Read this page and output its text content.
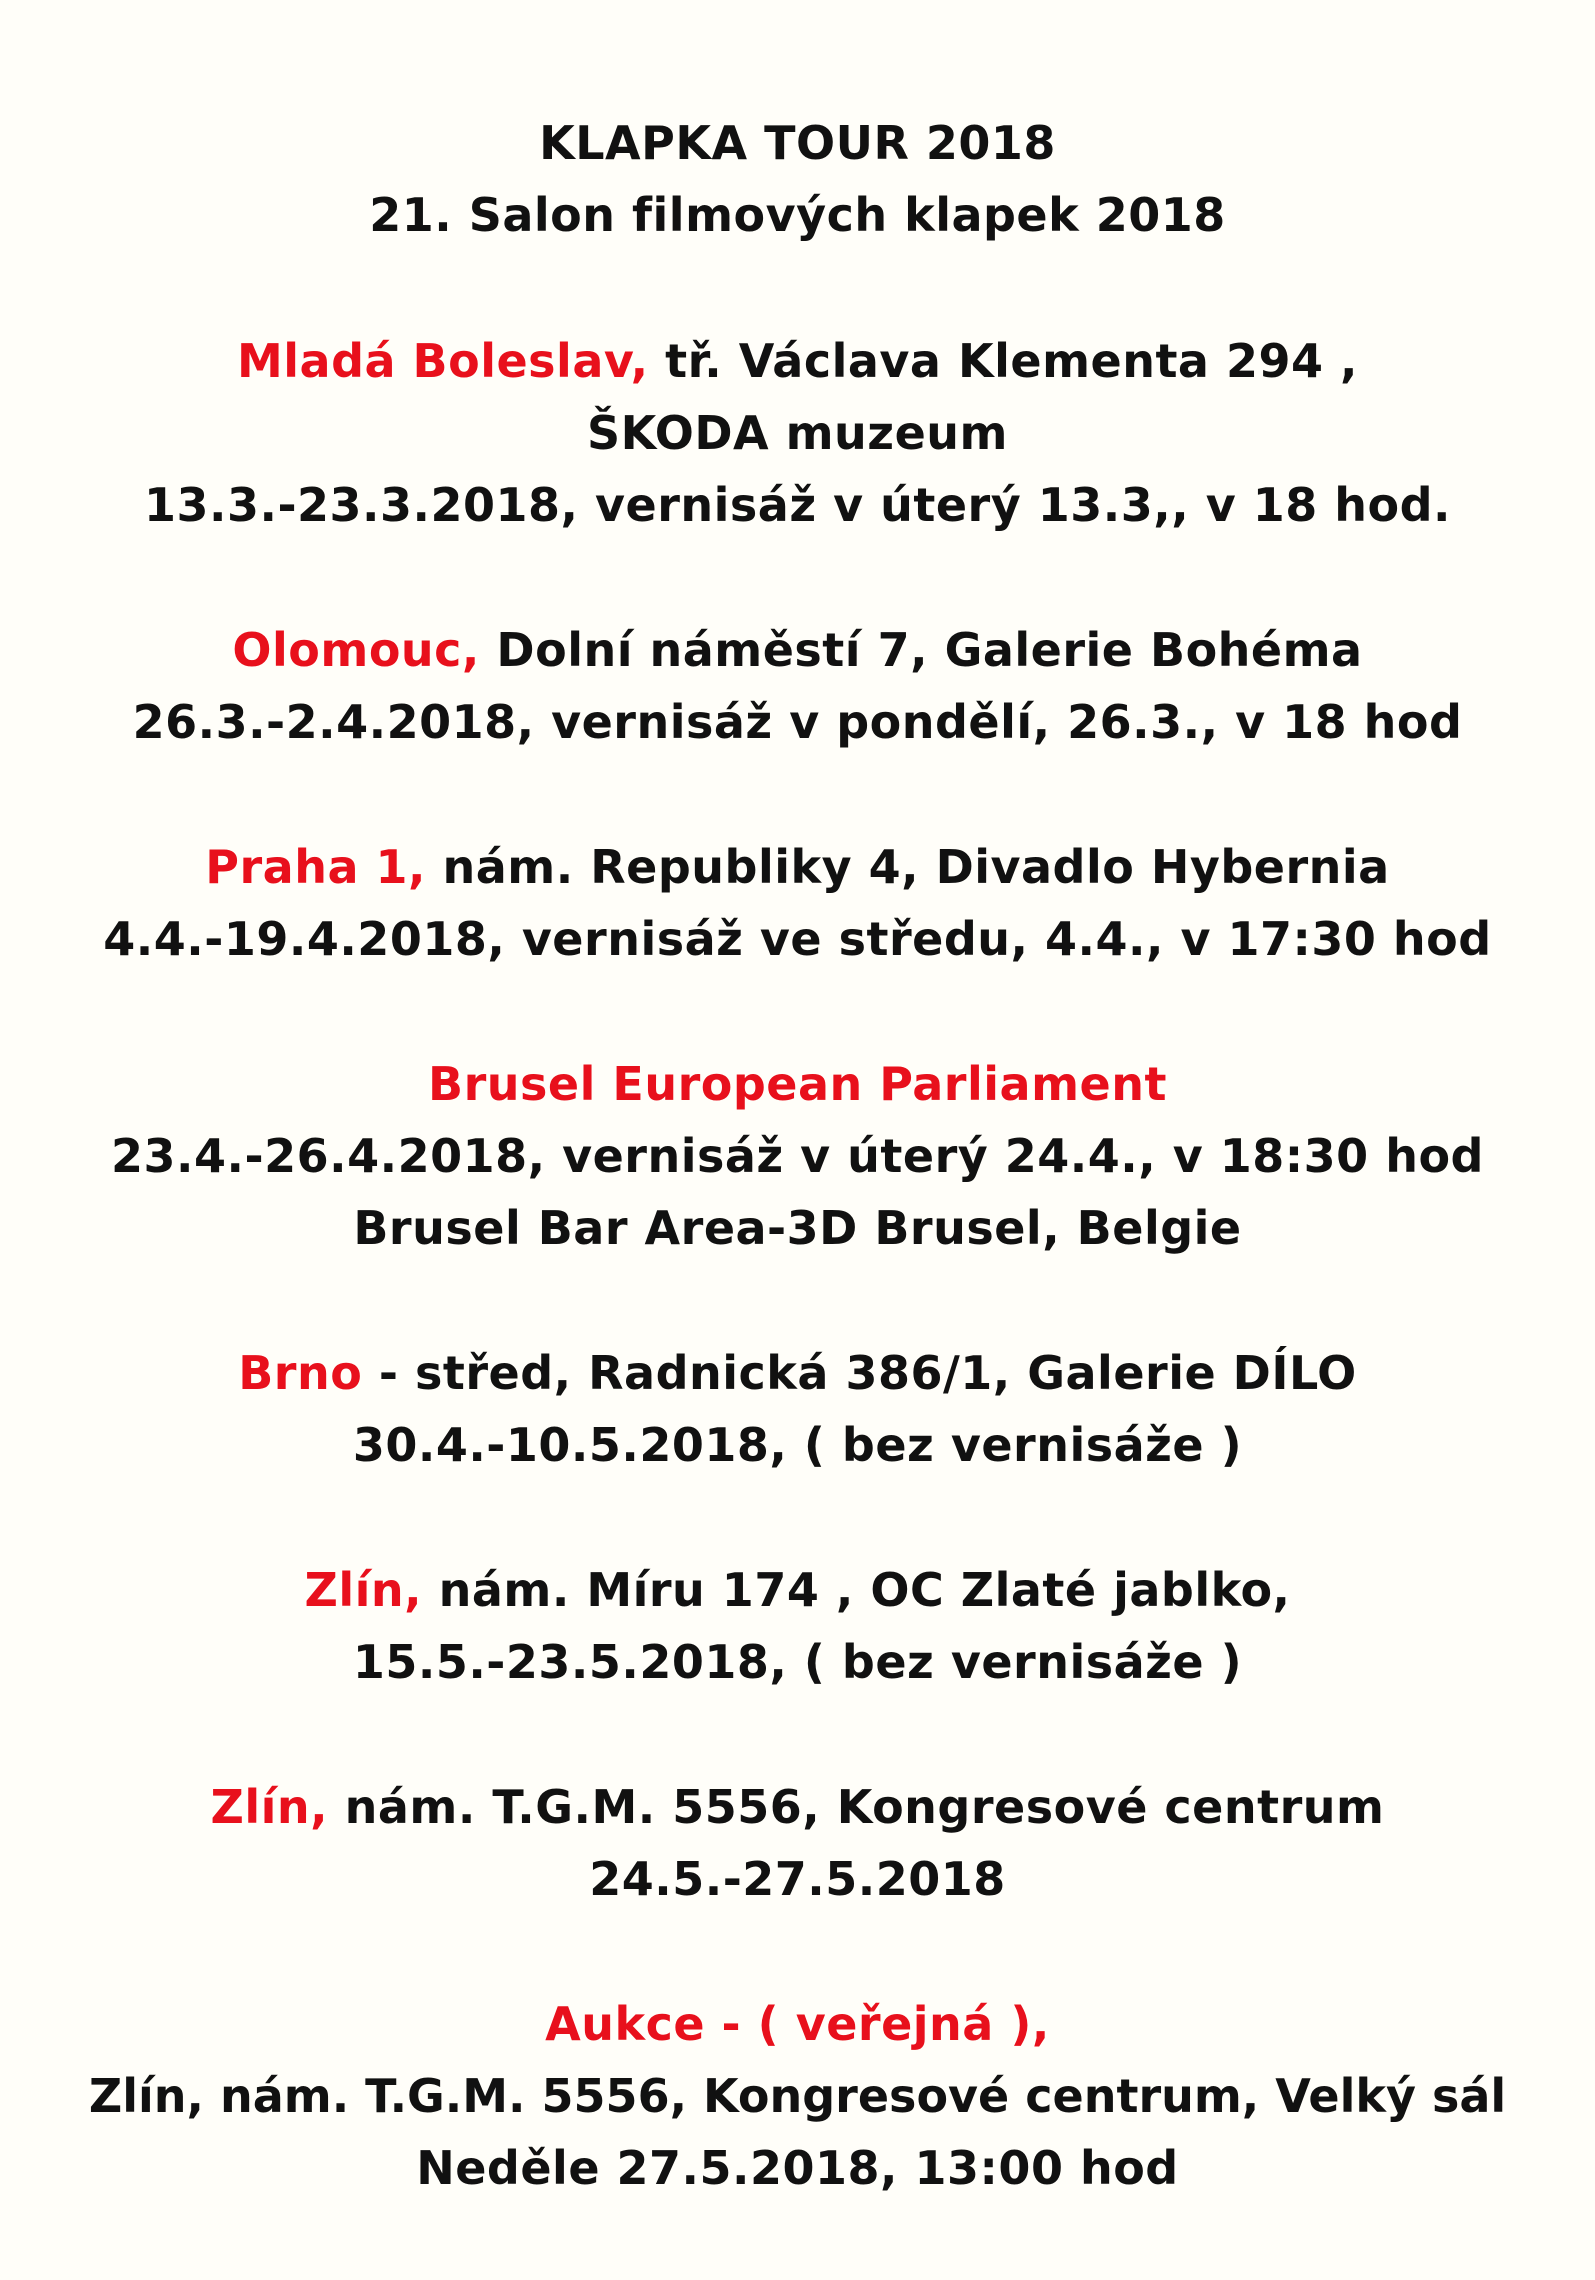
KLAPKA TOUR 2018
21. Salon filmových klapek 2018
Mladá Boleslav, tř. Václava Klementa 294 ,
ŠKODA muzeum
13.3.-23.3.2018, vernisáž v úterý 13.3,, v 18 hod.
Olomouc, Dolní náměstí 7, Galerie Bohéma
26.3.-2.4.2018, vernisáž v pondělí, 26.3., v 18 hod
Praha 1, nám. Republiky 4, Divadlo Hybernia
4.4.-19.4.2018, vernisáž ve středu, 4.4., v 17:30 hod
Brusel European Parliament
23.4.-26.4.2018, vernisáž v úterý 24.4., v 18:30 hod
Brusel Bar Area-3D Brusel, Belgie
Brno - střed, Radnická 386/1, Galerie DÍLO
30.4.-10.5.2018, ( bez vernisáže )
Zlín, nám. Míru 174 , OC Zlaté jablko,
15.5.-23.5.2018, ( bez vernisáže )
Zlín, nám. T.G.M. 5556, Kongresové centrum
24.5.-27.5.2018
Aukce - ( veřejná ),
Zlín, nám. T.G.M. 5556, Kongresové centrum, Velký sál
Neděle 27.5.2018, 13:00 hod
